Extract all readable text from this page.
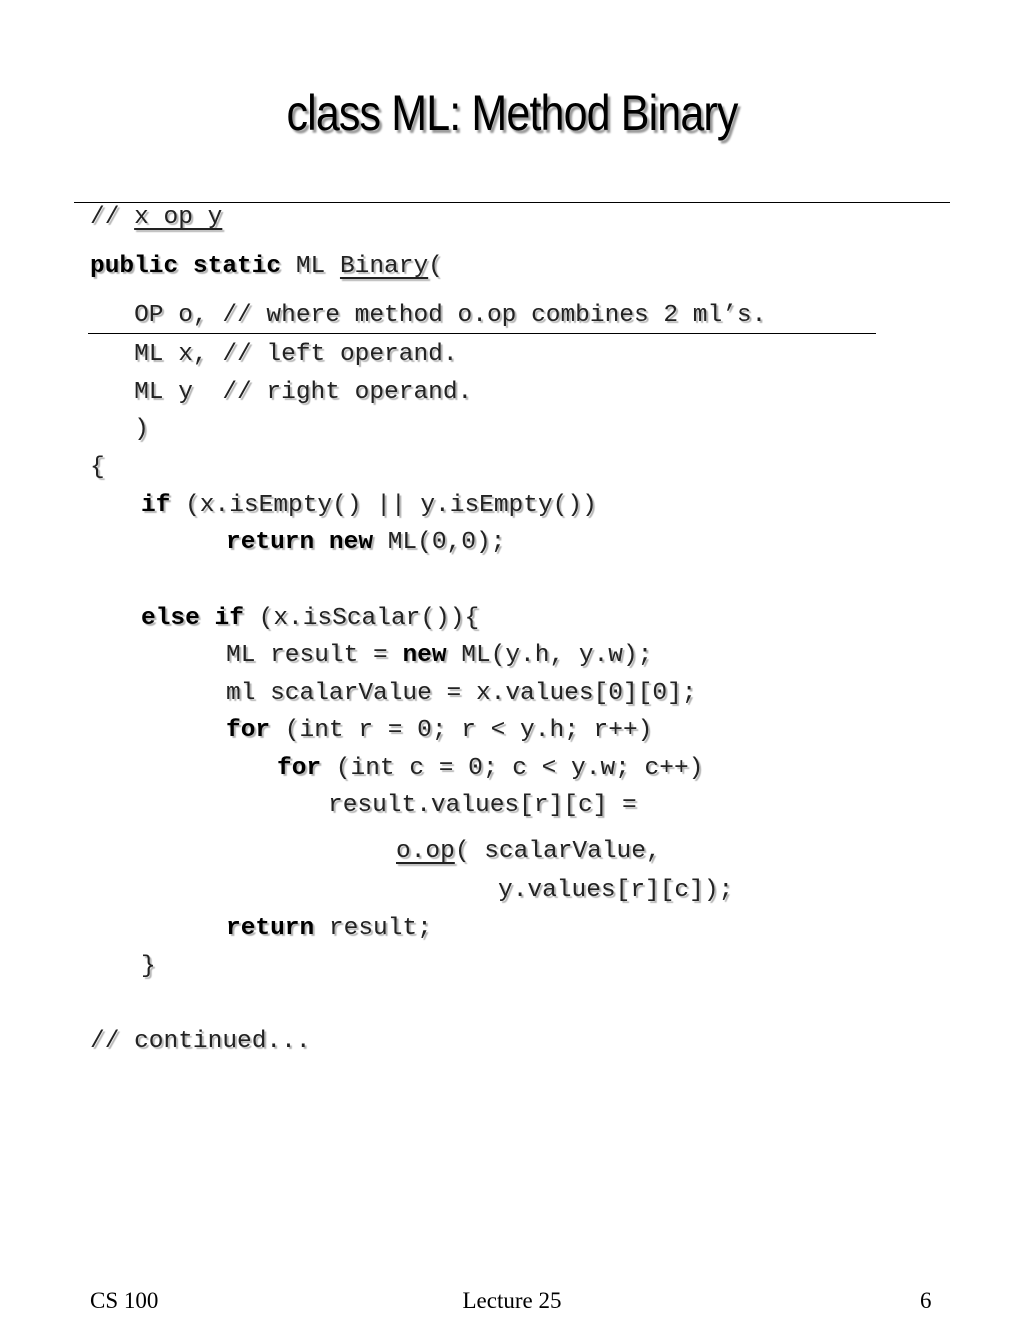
class ML: Method Binary

// x op y

public static ML Binary(

OP o, // where method o.op combines 2 ml’s.

ML x, // left operand.

ML y  // right operand.

)

{

if (x.isEmpty() || y.isEmpty())

return new ML(0,0);

else if (x.isScalar()){

ML result = new ML(y.h, y.w);

ml scalarValue = x.values[0][0];

for (int r = 0; r < y.h; r++)

for (int c = 0; c < y.w; c++)

result.values[r][c] =

o.op( scalarValue,

y.values[r][c]);

return result;

}

// continued...

CS 100	Lecture 25	6
